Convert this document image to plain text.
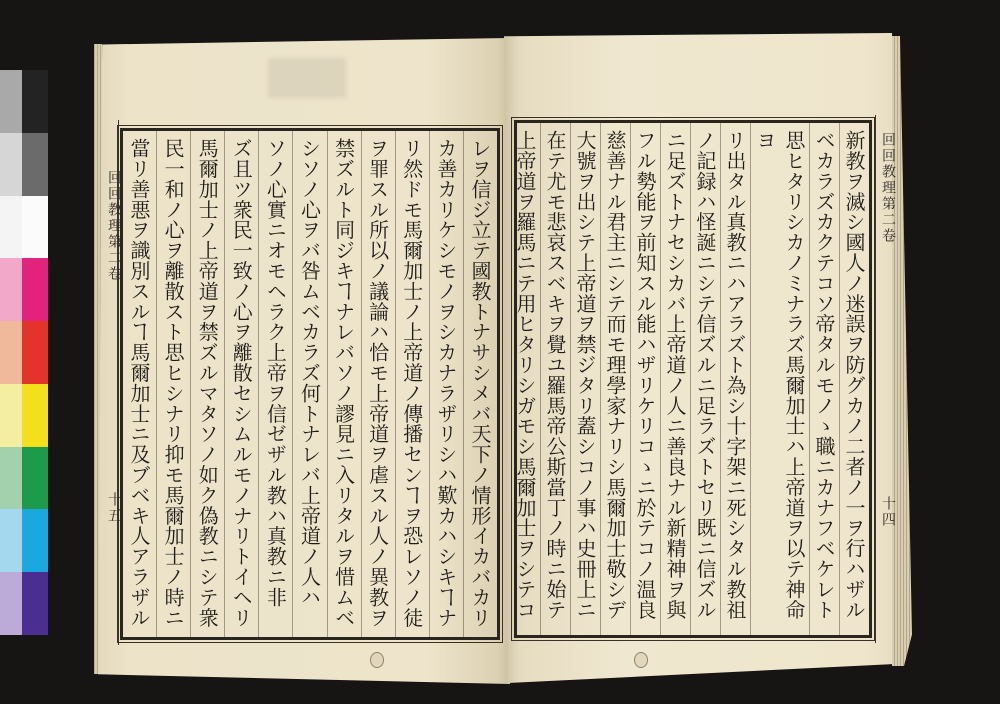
回回教理第二卷
十五	レヲ信ジ立テ國教トナサシメバ天下ノ情形イカバカリ
カ善カリケシモノヲシカナラザリシハ歎カハシキヿナ
リ然ドモ馬爾加士ノ上帝道ノ傳播センヿヲ恐レソノ徒
ヲ罪スル所以ノ議論ハ恰モ上帝道ヲ虐スル人ノ異教ヲ
禁ズルト同ジキヿナレバソノ謬見ニ入リタルヲ惜ムベ
シソノ心ヲバ咎ムベカラズ何トナレバ上帝道ノ人ハ
ソノ心實ニオモヘラク上帝ヲ信ゼザル教ハ真教ニ非
ズ且ツ衆民一致ノ心ヲ離散セシムルモノナリトイヘリ
馬爾加士ノ上帝道ヲ禁ズルマタソノ如ク偽教ニシテ衆
民一和ノ心ヲ離散スト思ヒシナリ抑モ馬爾加士ノ時ニ
當リ善悪ヲ識別スルヿ馬爾加士ニ及ブベキ人アラザル	新教ヲ滅シ國人ノ迷誤ヲ防グカノ二者ノ一ヲ行ハザル
ベカラズカクテコソ帝タルモノゝ職ニカナフベケレト
思ヒタリシカノミナラズ馬爾加士ハ上帝道ヲ以テ神命ヨ
リ出タル真教ニハアラズト為シ十字架ニ死シタル教祖
ノ記録ハ怪誕ニシテ信ズルニ足ラズトセリ既ニ信ズル
ニ足ズトナセシカバ上帝道ノ人ニ善良ナル新精神ヲ與
フル勢能ヲ前知スル能ハザリケリコゝニ於テコノ温良
慈善ナル君主ニシテ而モ理學家ナリシ馬爾加士敬シデ
大號ヲ出シテ上帝道ヲ禁ジタリ蓋シコノ事ハ史冊上ニ
在テ尤モ悲哀スベキヲ覺ユ羅馬帝公斯當丁ノ時ニ始テ
上帝道ヲ羅馬ニテ用ヒタリシガモシ馬爾加士ヲシテコ	回回教理第二卷
十四
